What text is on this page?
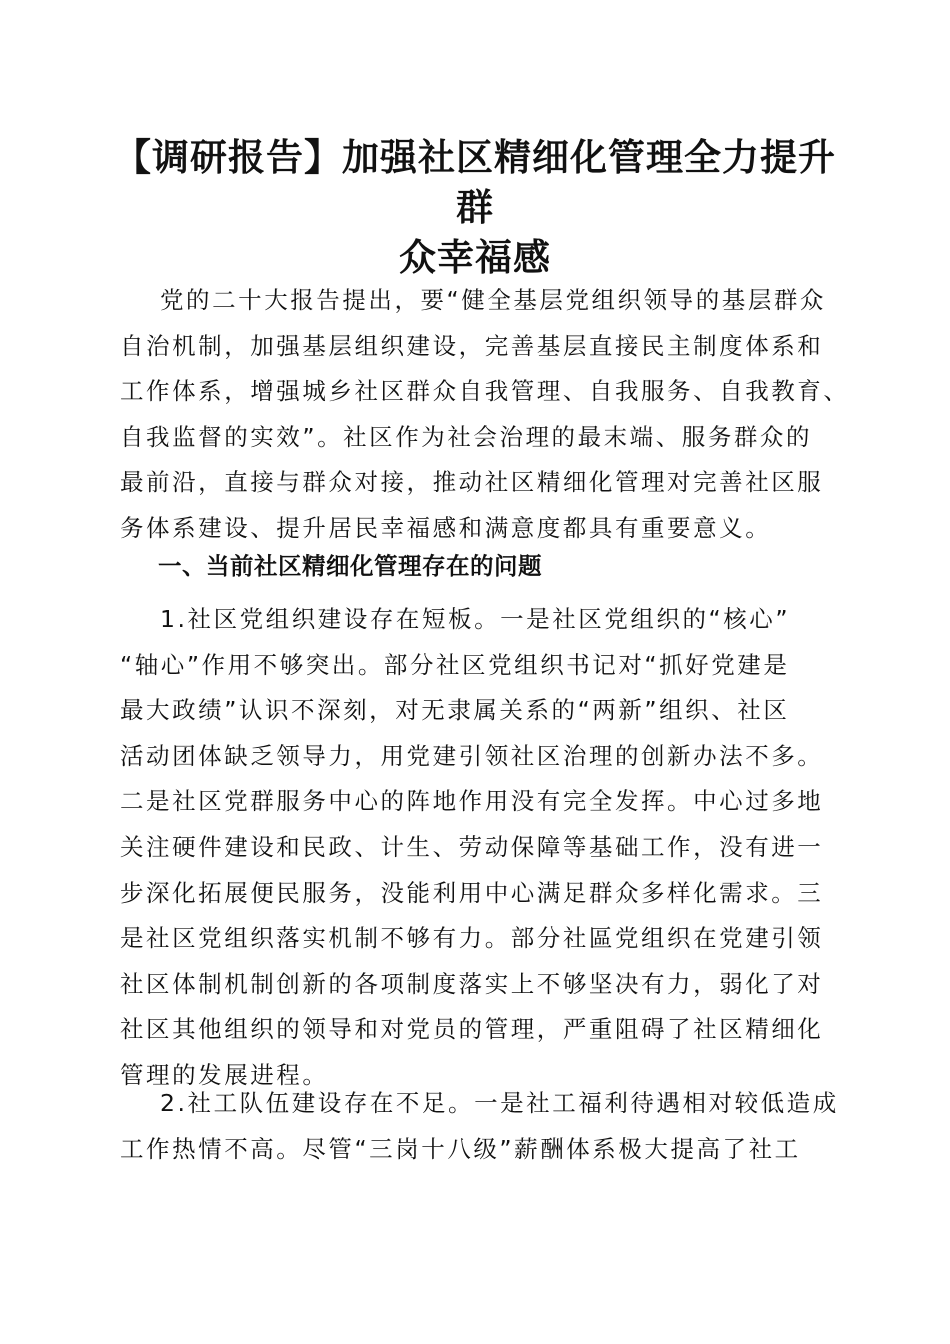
【调研报告】加强社区精细化管理全力提升群
众幸福感
党的二十大报告提出，要“健全基层党组织领导的基层群众
自治机制，加强基层组织建设，完善基层直接民主制度体系和
工作体系，增强城乡社区群众自我管理、自我服务、自我教育、
自我监督的实效”。社区作为社会治理的最末端、服务群众的
最前沿，直接与群众对接，推动社区精细化管理对完善社区服
务体系建设、提升居民幸福感和满意度都具有重要意义。
一、当前社区精细化管理存在的问题
1.社区党组织建设存在短板。一是社区党组织的“核心”
“轴心”作用不够突出。部分社区党组织书记对“抓好党建是
最大政绩”认识不深刻，对无隶属关系的“两新”组织、社区
活动团体缺乏领导力，用党建引领社区治理的创新办法不多。
二是社区党群服务中心的阵地作用没有完全发挥。中心过多地
关注硬件建设和民政、计生、劳动保障等基础工作，没有进一
步深化拓展便民服务，没能利用中心满足群众多样化需求。三
是社区党组织落实机制不够有力。部分社區党组织在党建引领
社区体制机制创新的各项制度落实上不够坚决有力，弱化了对
社区其他组织的领导和对党员的管理，严重阻碍了社区精细化
管理的发展进程。
2.社工队伍建设存在不足。一是社工福利待遇相对较低造成
工作热情不高。尽管“三岗十八级”薪酬体系极大提高了社工
